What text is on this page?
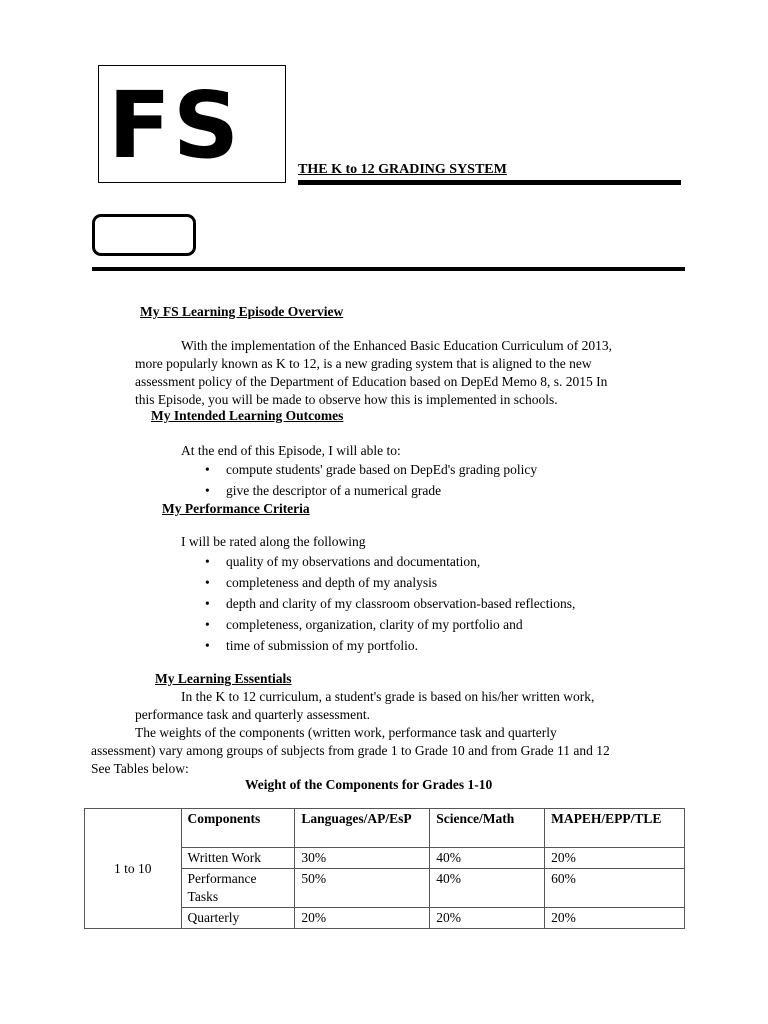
FS	THE K to 12 GRADING SYSTEM
My FS Learning Episode Overview
With the implementation of the Enhanced Basic Education Curriculum of 2013,
more popularly known as K to 12, is a new grading system that is aligned to the new
assessment policy of the Department of Education based on DepEd Memo 8, s. 2015 In
this Episode, you will be made to observe how this is implemented in schools.
My Intended Learning Outcomes
At the end of this Episode, I will able to:
• compute students' grade based on DepEd's grading policy
• give the descriptor of a numerical grade
My Performance Criteria
I will be rated along the following
• quality of my observations and documentation,
• completeness and depth of my analysis
• depth and clarity of my classroom observation-based reflections,
• completeness, organization, clarity of my portfolio and
• time of submission of my portfolio.
My Learning Essentials
In the K to 12 curriculum, a student's grade is based on his/her written work,
performance task and quarterly assessment.
The weights of the components (written work, performance task and quarterly
assessment) vary among groups of subjects from grade 1 to Grade 10 and from Grade 11 and 12
See Tables below:
Weight of the Components for Grades 1-10
1 to 10	Components	Languages/AP/EsP	Science/Math	MAPEH/EPP/TLE
	Written Work	30%	40%	20%
	Performance Tasks	50%	40%	60%
	Quarterly	20%	20%	20%
